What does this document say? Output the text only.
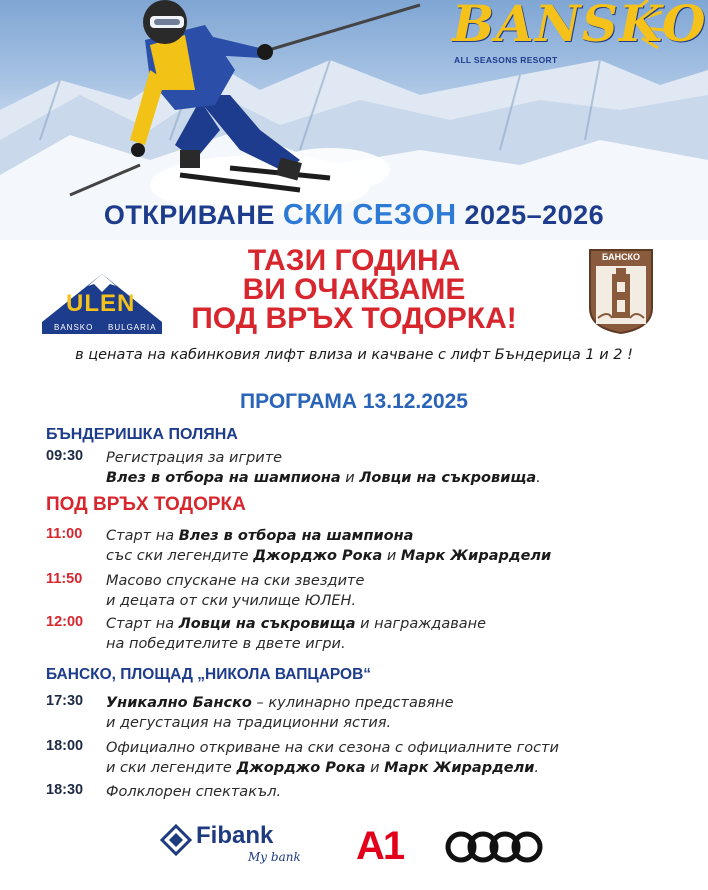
BANSKO
ALL SEASONS RESORT
ОТКРИВАНЕ СКИ СЕЗОН 2025–2026
ULEN
BANSKO BULGARIA
ТАЗИ ГОДИНА
ВИ ОЧАКВАМЕ
ПОД ВРЪХ ТОДОРКА!
БАНСКО
в цената на кабинковия лифт влиза и качване с лифт Бъндерица 1 и 2 !
ПРОГРАМА 13.12.2025
БЪНДЕРИШКА ПОЛЯНА
09:30 Регистрация за игрите
Влез в отбора на шампиона и Ловци на съкровища.
ПОД ВРЪХ ТОДОРКА
11:00 Старт на Влез в отбора на шампиона
със ски легендите Джорджо Рока и Марк Жирардели
11:50 Масово спускане на ски звездите
и децата от ски училище ЮЛЕН.
12:00 Старт на Ловци на съкровища и награждаване
на победителите в двете игри.
БАНСКО, ПЛОЩАД „НИКОЛА ВАПЦАРОВ“
17:30 Уникално Банско – кулинарно представяне
и дегустация на традиционни ястия.
18:00 Официално откриване на ски сезона с официалните гости
и ски легендите Джорджо Рока и Марк Жирардели.
18:30 Фолклорен спектакъл.
Fibank
My bank A1
